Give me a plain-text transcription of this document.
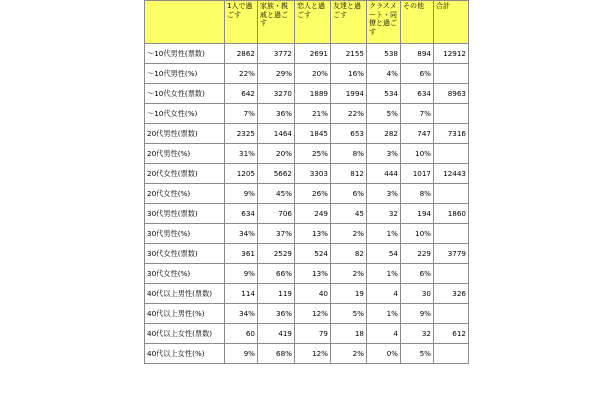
	1人で過ごす	家族・親戚と過ごす	恋人と過ごす	友達と過ごす	クラスメート・同僚と過ごす	その他	合計
～10代男性(票数)	2862	3772	2691	2155	538	894	12912
～10代男性(%)	22%	29%	20%	16%	4%	6%	
～10代女性(票数)	642	3270	1889	1994	534	634	8963
～10代女性(%)	7%	36%	21%	22%	5%	7%	
20代男性(票数)	2325	1464	1845	653	282	747	7316
20代男性(%)	31%	20%	25%	8%	3%	10%	
20代女性(票数)	1205	5662	3303	812	444	1017	12443
20代女性(%)	9%	45%	26%	6%	3%	8%	
30代男性(票数)	634	706	249	45	32	194	1860
30代男性(%)	34%	37%	13%	2%	1%	10%	
30代女性(票数)	361	2529	524	82	54	229	3779
30代女性(%)	9%	66%	13%	2%	1%	6%	
40代以上男性(票数)	114	119	40	19	4	30	326
40代以上男性(%)	34%	36%	12%	5%	1%	9%	
40代以上女性(票数)	60	419	79	18	4	32	612
40代以上女性(%)	9%	68%	12%	2%	0%	5%	
